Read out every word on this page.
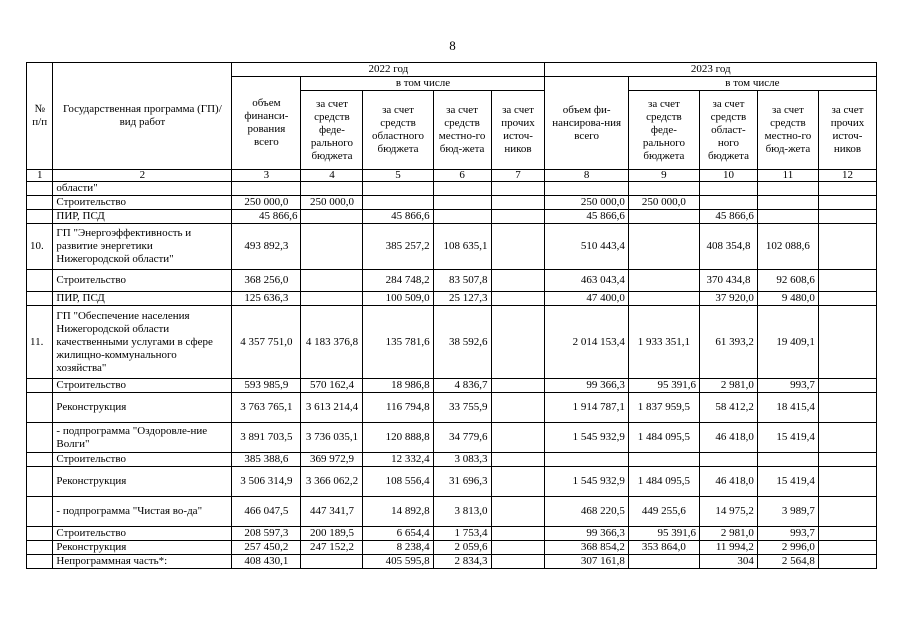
8
№ п/п	Государственная программа (ГП)/ вид работ	2022 год					2023 год				
		объем финанси-рования всего	в том числе				объем фи-нансирова-ния всего	в том числе			
			за счет средств феде-рального бюджета	за счет средств областного бюджета	за счет средств местно-го бюд-жета	за счет прочих источ-ников		за счет средств феде-рального бюджета	за счет средств област-ного бюджета	за счет средств местно-го бюд-жета	за счет прочих источ-ников
1	2	3	4	5	6	7	8	9	10	11	12
	области"										
	Строительство	250 000,0	250 000,0				250 000,0	250 000,0			
	ПИР, ПСД	45 866,6		45 866,6			45 866,6		45 866,6		
10.	ГП "Энергоэффективность и развитие энергетики Нижегородской области"	493 892,3		385 257,2	108 635,1		510 443,4		408 354,8	102 088,6	
	Строительство	368 256,0		284 748,2	83 507,8		463 043,4		370 434,8	92 608,6	
	ПИР, ПСД	125 636,3		100 509,0	25 127,3		47 400,0		37 920,0	9 480,0	
11.	ГП "Обеспечение населения Нижегородской области качественными услугами в сфере жилищно-коммунального хозяйства"	4 357 751,0	4 183 376,8	135 781,6	38 592,6		2 014 153,4	1 933 351,1	61 393,2	19 409,1	
	Строительство	593 985,9	570 162,4	18 986,8	4 836,7		99 366,3	95 391,6	2 981,0	993,7	
	Реконструкция	3 763 765,1	3 613 214,4	116 794,8	33 755,9		1 914 787,1	1 837 959,5	58 412,2	18 415,4	
	- подпрограмма "Оздоровле-ние Волги"	3 891 703,5	3 736 035,1	120 888,8	34 779,6		1 545 932,9	1 484 095,5	46 418,0	15 419,4	
	Строительство	385 388,6	369 972,9	12 332,4	3 083,3						
	Реконструкция	3 506 314,9	3 366 062,2	108 556,4	31 696,3		1 545 932,9	1 484 095,5	46 418,0	15 419,4	
	- подпрограмма "Чистая во-да"	466 047,5	447 341,7	14 892,8	3 813,0		468 220,5	449 255,6	14 975,2	3 989,7	
	Строительство	208 597,3	200 189,5	6 654,4	1 753,4		99 366,3	95 391,6	2 981,0	993,7	
	Реконструкция	257 450,2	247 152,2	8 238,4	2 059,6		368 854,2	353 864,0	11 994,2	2 996,0	
	Непрограммная часть*:	408 430,1		405 595,8	2 834,3		307 161,8		304	2 564,8	
